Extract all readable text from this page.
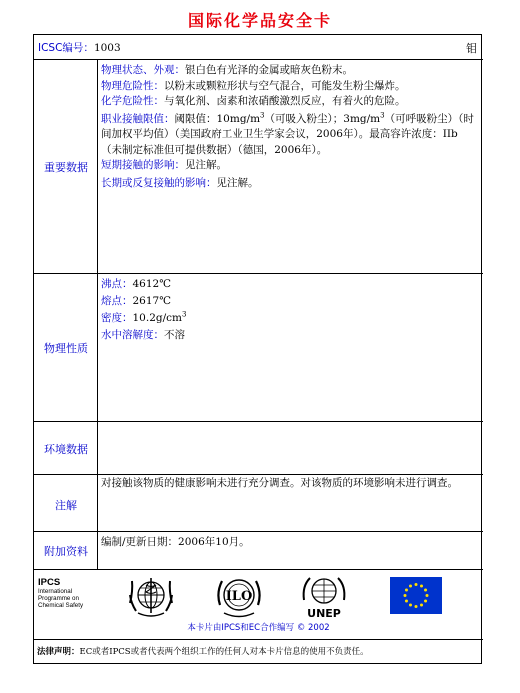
国际化学品安全卡
ICSC编号：1003	钼
重要数据
物理状态、外观：银白色有光泽的金属或暗灰色粉末。
物理危险性：以粉末或颗粒形状与空气混合，可能发生粉尘爆炸。
化学危险性：与氧化剂、卤素和浓硝酸激烈反应，有着火的危险。
职业接触限值：阈限值：$10mg/m^3$（可吸入粉尘）；$3mg/m^3$（可呼吸粉尘）（时间加权平均值）（美国政府工业卫生学家会议，2006年）。最高容许浓度：IIb（未制定标准但可提供数据）（德国，2006年）。
短期接触的影响：见注解。
长期或反复接触的影响：见注解。
物理性质
沸点：4612℃
熔点：2617℃
密度：$10.2g/cm^3$
水中溶解度：不溶
环境数据
注解
对接触该物质的健康影响未进行充分调查。对该物质的环境影响未进行调查。
附加资料
编制/更新日期：2006年10月。
IPCS
International
Programme on
Chemical Safety
ILO
UNEP
本卡片由IPCS和EC合作编写 © 2002
法律声明：EC或者IPCS或者代表两个组织工作的任何人对本卡片信息的使用不负责任。
